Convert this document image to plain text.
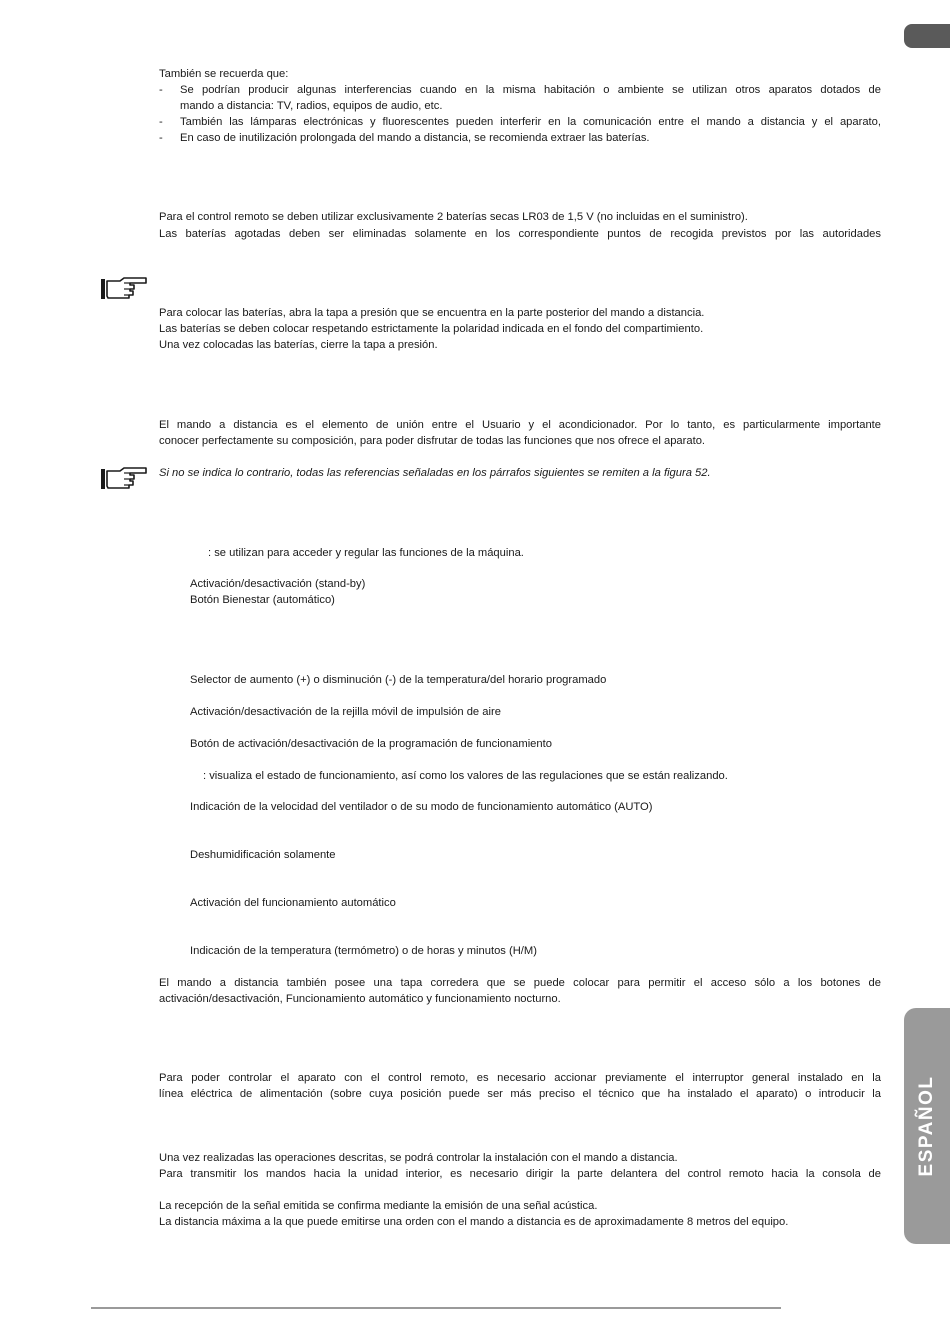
ESPAÑOL
También se recuerda que:
- Se podrían producir algunas interferencias cuando en la misma habitación o ambiente se utilizan otros aparatos dotados de
mando a distancia: TV, radios, equipos de audio, etc.
- También las lámparas electrónicas y fluorescentes pueden interferir en la comunicación entre el mando a distancia y el aparato,
- En caso de inutilización prolongada del mando a distancia, se recomienda extraer las baterías.
Para el control remoto se deben utilizar exclusivamente 2 baterías secas LR03 de 1,5 V (no incluidas en el suministro).
Las baterías agotadas deben ser eliminadas solamente en los correspondiente puntos de recogida previstos por las autoridades
Para colocar las baterías, abra la tapa a presión que se encuentra en la parte posterior del mando a distancia.
Las baterías se deben colocar respetando estrictamente la polaridad indicada en el fondo del compartimiento.
Una vez colocadas las baterías, cierre la tapa a presión.
El mando a distancia es el elemento de unión entre el Usuario y el acondicionador. Por lo tanto, es particularmente importante
conocer perfectamente su composición, para poder disfrutar de todas las funciones que nos ofrece el aparato.
Si no se indica lo contrario, todas las referencias señaladas en los párrafos siguientes se remiten a la figura 52.
: se utilizan para acceder y regular las funciones de la máquina.
Activación/desactivación (stand-by)
Botón Bienestar (automático)
Selector de aumento (+) o disminución (-) de la temperatura/del horario programado
Activación/desactivación de la rejilla móvil de impulsión de aire
Botón de activación/desactivación de la programación de funcionamiento
: visualiza el estado de funcionamiento, así como los valores de las regulaciones que se están realizando.
Indicación de la velocidad del ventilador o de su modo de funcionamiento automático (AUTO)
Deshumidificación solamente
Activación del funcionamiento automático
Indicación de la temperatura (termómetro) o de horas y minutos (H/M)
El mando a distancia también posee una tapa corredera que se puede colocar para permitir el acceso sólo a los botones de
activación/desactivación, Funcionamiento automático y funcionamiento nocturno.
Para poder controlar el aparato con el control remoto, es necesario accionar previamente el interruptor general instalado en la
línea eléctrica de alimentación (sobre cuya posición puede ser más preciso el técnico que ha instalado el aparato) o introducir la
Una vez realizadas las operaciones descritas, se podrá controlar la instalación con el mando a distancia.
Para transmitir los mandos hacia la unidad interior, es necesario dirigir la parte delantera del control remoto hacia la consola de
La recepción de la señal emitida se confirma mediante la emisión de una señal acústica.
La distancia máxima a la que puede emitirse una orden con el mando a distancia es de aproximadamente 8 metros del equipo.
